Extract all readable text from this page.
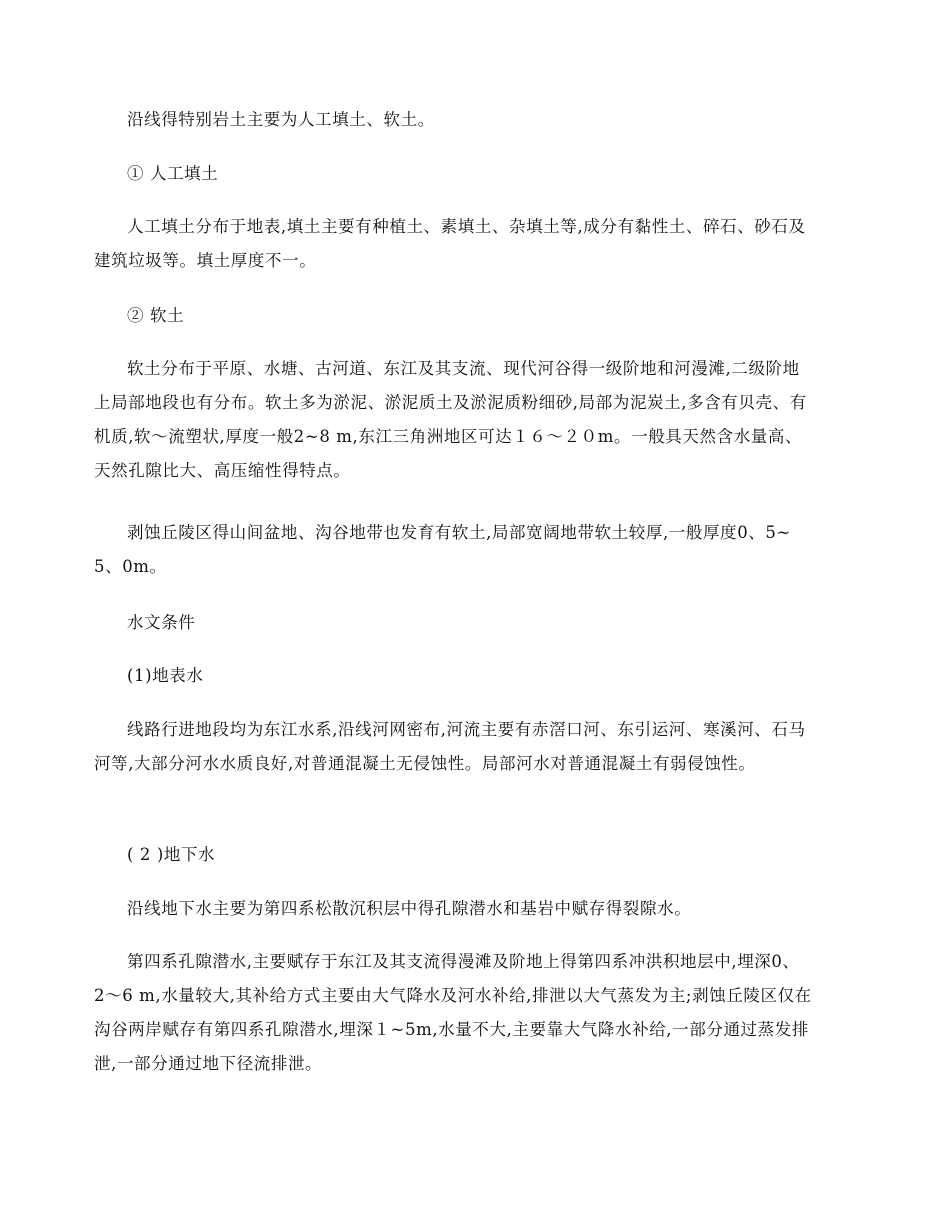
沿线得特别岩土主要为人工填土、软土。

① 人工填土

人工填土分布于地表,填土主要有种植土、素填土、杂填土等,成分有黏性土、碎石、砂石及建筑垃圾等。填土厚度不一。

② 软土

软土分布于平原、水塘、古河道、东江及其支流、现代河谷得一级阶地和河漫滩,二级阶地上局部地段也有分布。软土多为淤泥、淤泥质土及淤泥质粉细砂,局部为泥炭土,多含有贝壳、有机质,软～流塑状,厚度一般2~8 m,东江三角洲地区可达１６～２０m。一般具天然含水量高、天然孔隙比大、高压缩性得特点。

剥蚀丘陵区得山间盆地、沟谷地带也发育有软土,局部宽阔地带软土较厚,一般厚度0、5~5、0m。

水文条件

(1)地表水

线路行进地段均为东江水系,沿线河网密布,河流主要有赤滘口河、东引运河、寒溪河、石马河等,大部分河水水质良好,对普通混凝土无侵蚀性。局部河水对普通混凝土有弱侵蚀性。

( 2 )地下水

沿线地下水主要为第四系松散沉积层中得孔隙潜水和基岩中赋存得裂隙水。

第四系孔隙潜水,主要赋存于东江及其支流得漫滩及阶地上得第四系冲洪积地层中,埋深0、 2～6 m,水量较大,其补给方式主要由大气降水及河水补给,排泄以大气蒸发为主;剥蚀丘陵区仅在沟谷两岸赋存有第四系孔隙潜水,埋深１~5m,水量不大,主要靠大气降水补给,一部分通过蒸发排泄,一部分通过地下径流排泄。
